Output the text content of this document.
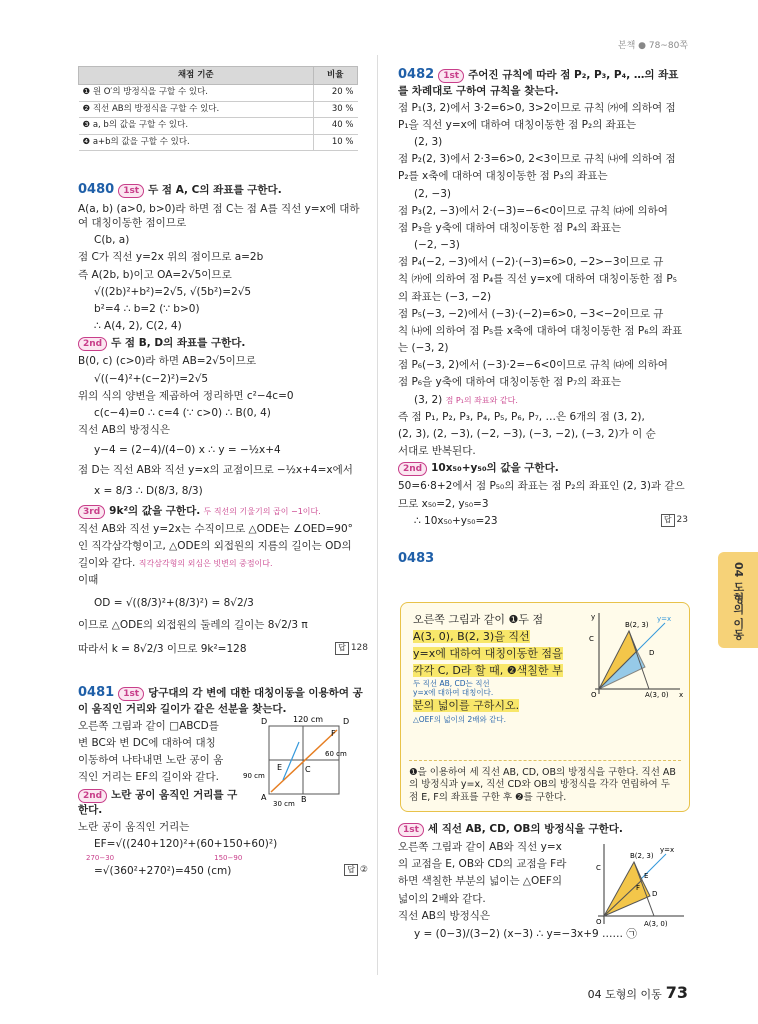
본책 ● 78~80쪽
채점 기준	비율
❶ 원 O′의 방정식을 구할 수 있다.	20 %
❷ 직선 AB의 방정식을 구할 수 있다.	30 %
❸ a, b의 값을 구할 수 있다.	40 %
❹ a+b의 값을 구할 수 있다.	10 %

0480 1st 두 점 A, C의 좌표를 구한다.

A(a, b) (a>0, b>0)라 하면 점 C는 점 A를 직선 y=x에 대하여 대칭이동한 점이므로

C(b, a)

점 C가 직선 y=2x 위의 점이므로 a=2b

즉 A(2b, b)이고 OA=2√5이므로

√((2b)²+b²)=2√5, √(5b²)=2√5

b²=4 ∴ b=2 (∵ b>0)

∴ A(4, 2), C(2, 4)

2nd 두 점 B, D의 좌표를 구한다.

B(0, c) (c>0)라 하면 AB=2√5이므로

√((−4)²+(c−2)²)=2√5

위의 식의 양변을 제곱하여 정리하면 c²−4c=0

c(c−4)=0 ∴ c=4 (∵ c>0) ∴ B(0, 4)

직선 AB의 방정식은

y−4 = (2−4)/(4−0) x ∴ y = −½x+4

점 D는 직선 AB와 직선 y=x의 교점이므로 −½x+4=x에서

x = 8/3 ∴ D(8/3, 8/3)

3rd 9k²의 값을 구한다. 두 직선의 기울기의 곱이 −1이다.

직선 AB와 직선 y=2x는 수직이므로 △ODE는 ∠OED=90°

인 직각삼각형이고, △ODE의 외접원의 지름의 길이는 OD의

길이와 같다. 직각삼각형의 외심은 빗변의 중점이다.

이때

OD = √((8/3)²+(8/3)²) = 8√2/3

이므로 △ODE의 외접원의 둘레의 길이는 8√2/3 π

따라서 k = 8√2/3 이므로 9k²=128	답 128

0481 1st 당구대의 각 변에 대한 대칭이동을 이용하여 공이 움직인 거리와 길이가 같은 선분을 찾는다.

오른쪽 그림과 같이 □ABCD를

변 BC와 변 DC에 대하여 대칭

이동하여 나타내면 노란 공이 움

직인 거리는 EF의 길이와 같다.

2nd 노란 공이 움직인 거리를 구한다.

D	D
120 cm
60 cm
90 cm
30 cm
A	B
C
E
F

노란 공이 움직인 거리는

EF=√((240+120)²+(60+150+60)²)

270−30	150−90

=√(360²+270²)=450 (cm)	답 ②

0482 1st 주어진 규칙에 따라 점 P₂, P₃, P₄, …의 좌표를 차례대로 구하여 규칙을 찾는다.

점 P₁(3, 2)에서 3·2=6>0, 3>2이므로 규칙 ㈎에 의하여 점

P₁을 직선 y=x에 대하여 대칭이동한 점 P₂의 좌표는

(2, 3)

점 P₂(2, 3)에서 2·3=6>0, 2<3이므로 규칙 ㈏에 의하여 점

P₂를 x축에 대하여 대칭이동한 점 P₃의 좌표는

(2, −3)

점 P₃(2, −3)에서 2·(−3)=−6<0이므로 규칙 ㈐에 의하여

점 P₃을 y축에 대하여 대칭이동한 점 P₄의 좌표는

(−2, −3)

점 P₄(−2, −3)에서 (−2)·(−3)=6>0, −2>−3이므로 규

칙 ㈎에 의하여 점 P₄를 직선 y=x에 대하여 대칭이동한 점 P₅

의 좌표는 (−3, −2)

점 P₅(−3, −2)에서 (−3)·(−2)=6>0, −3<−2이므로 규

칙 ㈏에 의하여 점 P₅를 x축에 대하여 대칭이동한 점 P₆의 좌표

는 (−3, 2)

점 P₆(−3, 2)에서 (−3)·2=−6<0이므로 규칙 ㈐에 의하여

점 P₆을 y축에 대하여 대칭이동한 점 P₇의 좌표는

(3, 2) 점 P₁의 좌표와 같다.

즉 점 P₁, P₂, P₃, P₄, P₅, P₆, P₇, …은 6개의 점 (3, 2),

(2, 3), (2, −3), (−2, −3), (−3, −2), (−3, 2)가 이 순

서대로 반복된다.

2nd 10x₅₀+y₅₀의 값을 구한다.

50=6·8+2에서 점 P₅₀의 좌표는 점 P₂의 좌표인 (2, 3)과 같으

므로 x₅₀=2, y₅₀=3

∴ 10x₅₀+y₅₀=23	답 23

0483

오른쪽 그림과 같이 ❶두 점

A(3, 0), B(2, 3)을 직선

y=x에 대하여 대칭이동한 점을

각각 C, D라 할 때, ❷색칠한 부

두 직선 AB, CD는 직선

y=x에 대하여 대칭이다.

분의 넓이를 구하시오.

△OEF의 넓이의 2배와 같다.

y=x
B(2, 3)
C
D
A(3, 0)
O	x
y
❶을 이용하여 세 직선 AB, CD, OB의 방정식을 구한다. 직선 AB의 방정식과 y=x, 직선 CD와 OB의 방정식을 각각 연립하여 두 점 E, F의 좌표를 구한 후 ❷를 구한다.

1st 세 직선 AB, CD, OB의 방정식을 구한다.

오른쪽 그림과 같이 AB와 직선 y=x

의 교점을 E, OB와 CD의 교점을 F라

하면 색칠한 부분의 넓이는 △OEF의

넓이의 2배와 같다.

직선 AB의 방정식은

B(2, 3)
y=x
C
E
D
F
O	A(3, 0)

y = (0−3)/(3−2) (x−3) ∴ y=−3x+9 …… ㉠

04 도형의 이동
04 도형의 이동 73
